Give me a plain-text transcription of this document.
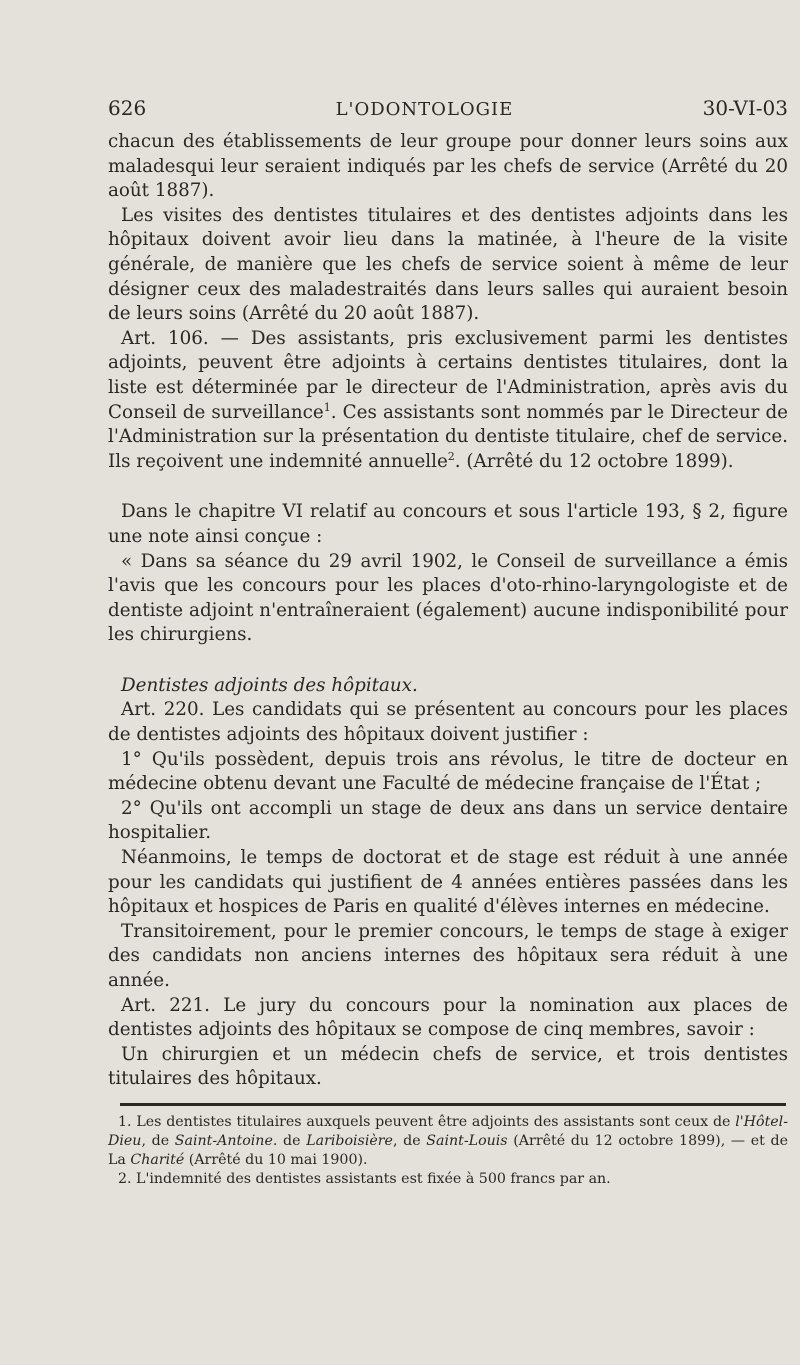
626	L'ODONTOLOGIE	30-VI-03

chacun des établissements de leur groupe pour donner leurs soins aux maladesqui leur seraient indiqués par les chefs de service (Arrêté du 20 août 1887).

Les visites des dentistes titulaires et des dentistes adjoints dans les hôpitaux doivent avoir lieu dans la matinée, à l'heure de la visite générale, de manière que les chefs de service soient à même de leur désigner ceux des maladestraités dans leurs salles qui auraient besoin de leurs soins (Arrêté du 20 août 1887).

Art. 106. — Des assistants, pris exclusivement parmi les dentistes adjoints, peuvent être adjoints à certains dentistes titulaires, dont la liste est déterminée par le directeur de l'Administration, après avis du Conseil de surveillance$^1$. Ces assistants sont nommés par le Directeur de l'Administration sur la présentation du dentiste titulaire, chef de service. Ils reçoivent une indemnité annuelle$^2$. (Arrêté du 12 octobre 1899).

Dans le chapitre VI relatif au concours et sous l'article 193, § 2, figure une note ainsi conçue :

« Dans sa séance du 29 avril 1902, le Conseil de surveillance a émis l'avis que les concours pour les places d'oto-rhino-laryngologiste et de dentiste adjoint n'entraîneraient (également) aucune indisponibilité pour les chirurgiens.

Dentistes adjoints des hôpitaux.

Art. 220. Les candidats qui se présentent au concours pour les places de dentistes adjoints des hôpitaux doivent justifier :

1° Qu'ils possèdent, depuis trois ans révolus, le titre de docteur en médecine obtenu devant une Faculté de médecine française de l'État ;

2° Qu'ils ont accompli un stage de deux ans dans un service dentaire hospitalier.

Néanmoins, le temps de doctorat et de stage est réduit à une année pour les candidats qui justifient de 4 années entières passées dans les hôpitaux et hospices de Paris en qualité d'élèves internes en médecine.

Transitoirement, pour le premier concours, le temps de stage à exiger des candidats non anciens internes des hôpitaux sera réduit à une année.

Art. 221. Le jury du concours pour la nomination aux places de dentistes adjoints des hôpitaux se compose de cinq membres, savoir :

Un chirurgien et un médecin chefs de service, et trois dentistes titulaires des hôpitaux.

1. Les dentistes titulaires auxquels peuvent être adjoints des assistants sont ceux de l'Hôtel-Dieu, de Saint-Antoine. de Lariboisière, de Saint-Louis (Arrêté du 12 octobre 1899), — et de La Charité (Arrêté du 10 mai 1900).

2. L'indemnité des dentistes assistants est fixée à 500 francs par an.
